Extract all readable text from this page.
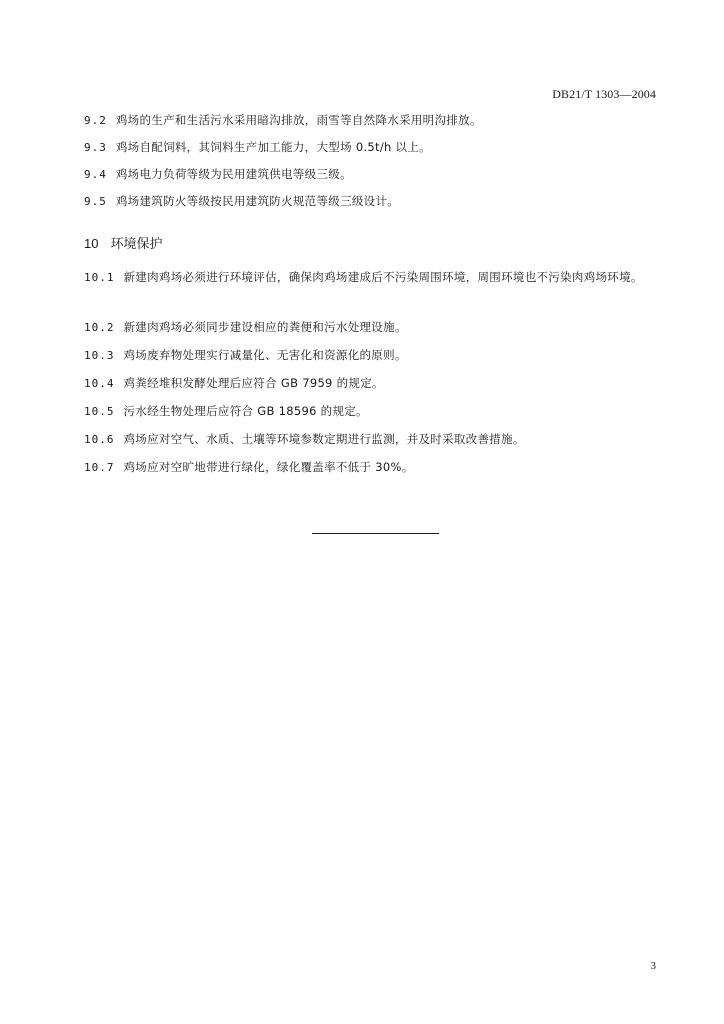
DB21/T 1303—2004
9.2 鸡场的生产和生活污水采用暗沟排放，雨雪等自然降水采用明沟排放。
9.3 鸡场自配饲料，其饲料生产加工能力，大型场 0.5t/h 以上。
9.4 鸡场电力负荷等级为民用建筑供电等级三级。
9.5 鸡场建筑防火等级按民用建筑防火规范等级三级设计。
10 环境保护
10.1 新建肉鸡场必须进行环境评估，确保肉鸡场建成后不污染周围环境，周围环境也不污染肉鸡场环境。
10.2 新建肉鸡场必须同步建设相应的粪便和污水处理设施。
10.3 鸡场废弃物处理实行减量化、无害化和资源化的原则。
10.4 鸡粪经堆积发酵处理后应符合 GB 7959 的规定。
10.5 污水经生物处理后应符合 GB 18596 的规定。
10.6 鸡场应对空气、水质、土壤等环境参数定期进行监测，并及时采取改善措施。
10.7 鸡场应对空旷地带进行绿化，绿化覆盖率不低于 30%。
3
